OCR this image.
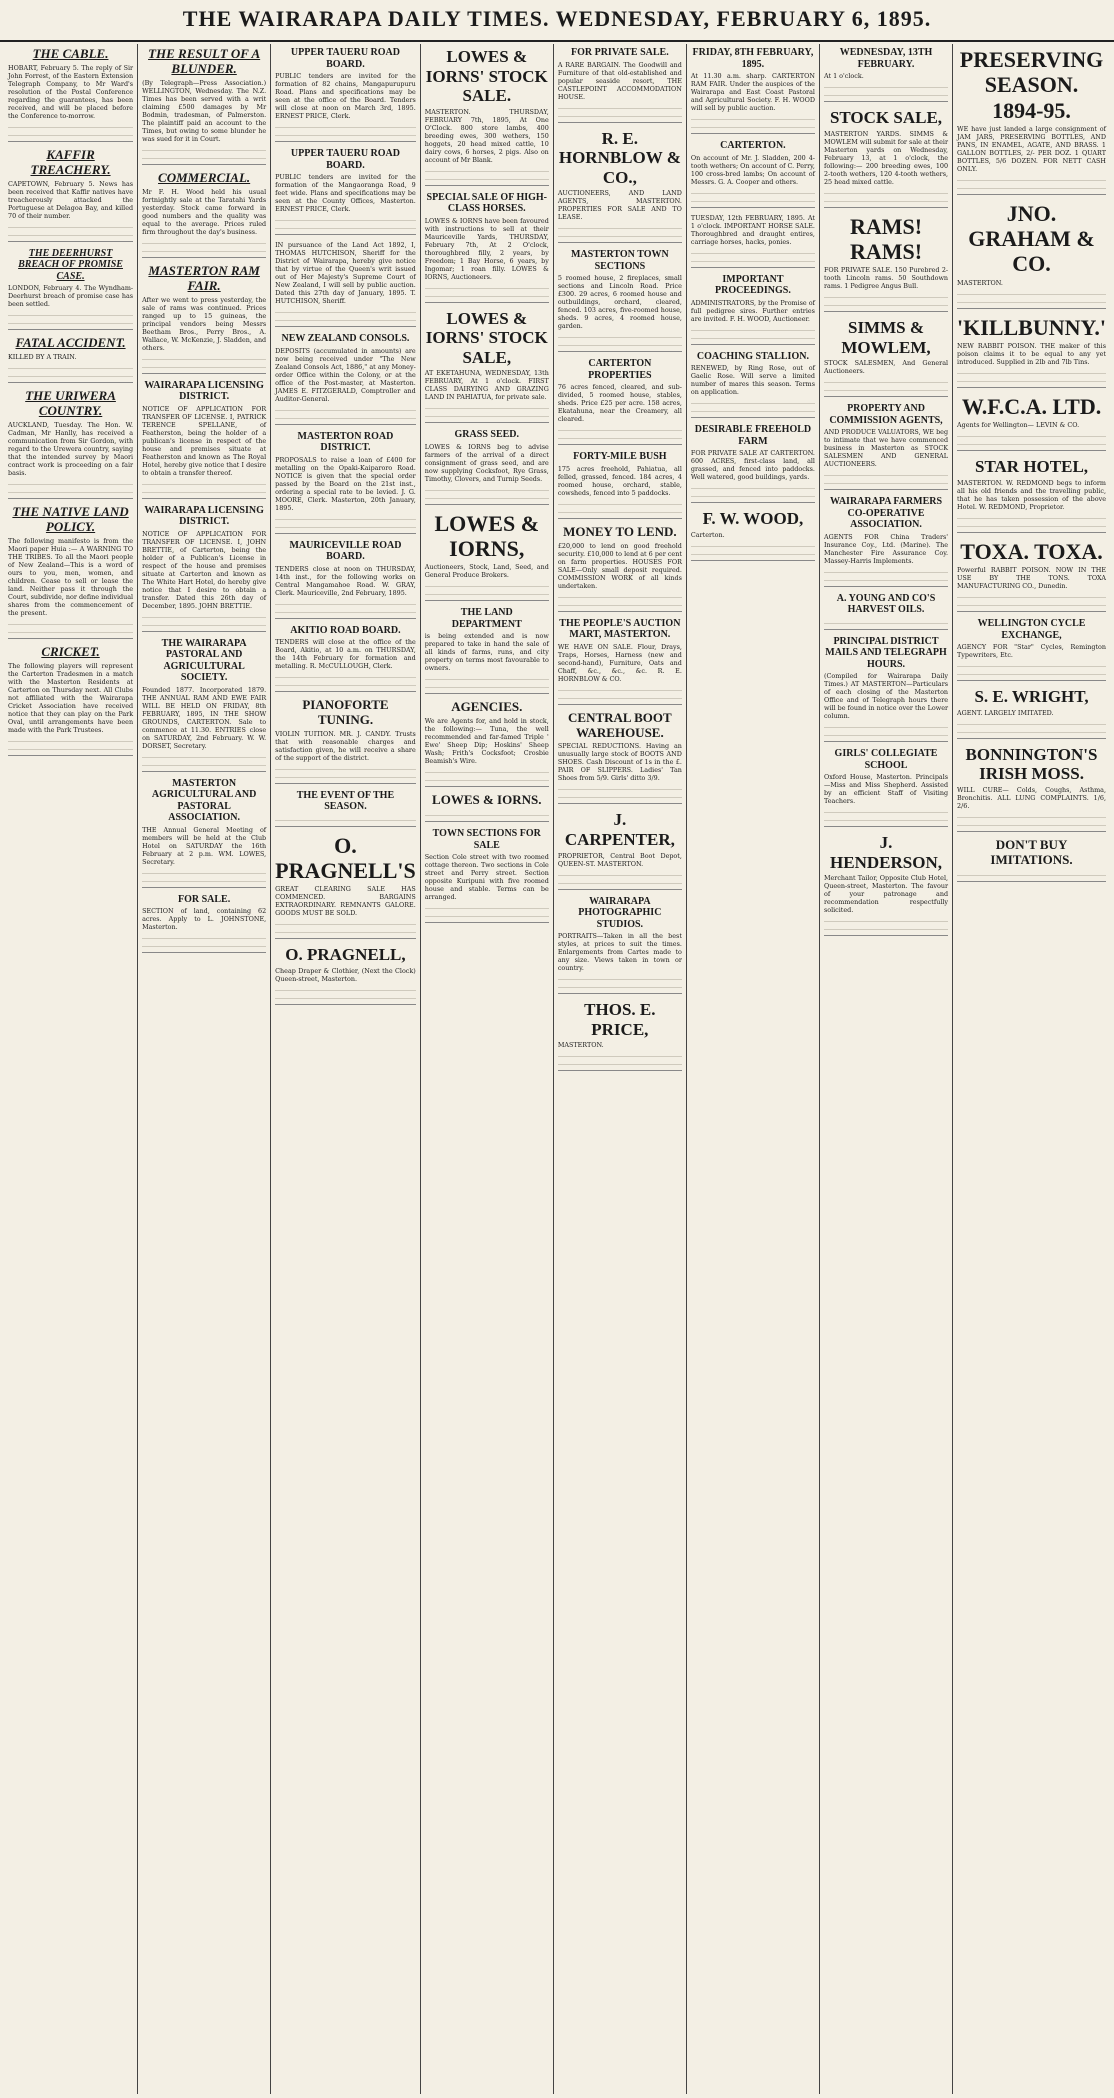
THE WAIRARAPA DAILY TIMES. WEDNESDAY, FEBRUARY 6, 1895.
THE CABLE.
HOBART, February 5. The reply of Sir John Forrest, of the Eastern Extension Telegraph Company, to Mr Ward's resolution of the Postal Conference regarding the guarantees, has been received, and will be placed before the Conference to-morrow.
KAFFIR TREACHERY.
CAPETOWN, February 5. News has been received that Kaffir natives have treacherously attacked the Portuguese at Delagoa Bay, and killed 70 of their number.
THE DEERHURST BREACH OF PROMISE CASE.
LONDON, February 4. The Wyndham-Deerhurst breach of promise case has been settled.
FATAL ACCIDENT.
KILLED BY A TRAIN.
THE URIWERA COUNTRY.
AUCKLAND, Tuesday. The Hon. W. Cadman, Mr Hanlly, has received a communication from Sir Gordon, with regard to the Urewera country, saying that the intended survey by Maori contract work is proceeding on a fair basis.
THE NATIVE LAND POLICY.
The following manifesto is from the Maori paper Huia :— A WARNING TO THE TRIBES. To all the Maori people of New Zealand—This is a word of ours to you, men, women, and children. Cease to sell or lease the land. Neither pass it through the Court, subdivide, nor define individual shares from the commencement of the present.
CRICKET.
The following players will represent the Carterton Tradesmen in a match with the Masterton Residents at Carterton on Thursday next. All Clubs not affiliated with the Wairarapa Cricket Association have received notice that they can play on the Park Oval, until arrangements have been made with the Park Trustees.
THE RESULT OF A BLUNDER.
(By Telegraph—Press Association.) WELLINGTON, Wednesday. The N.Z. Times has been served with a writ claiming £500 damages by Mr Bodmin, tradesman, of Palmerston. The plaintiff paid an account to the Times, but owing to some blunder he was sued for it in Court.
COMMERCIAL.
Mr F. H. Wood held his usual fortnightly sale at the Taratahi Yards yesterday. Stock came forward in good numbers and the quality was equal to the average. Prices ruled firm throughout the day's business.
MASTERTON RAM FAIR.
After we went to press yesterday, the sale of rams was continued. Prices ranged up to 15 guineas, the principal vendors being Messrs Beetham Bros., Perry Bros., A. Wallace, W. McKenzie, J. Sladden, and others.
WAIRARAPA LICENSING DISTRICT.
NOTICE OF APPLICATION FOR TRANSFER OF LICENSE. I, PATRICK TERENCE SPELLANE, of Featherston, being the holder of a publican's license in respect of the house and premises situate at Featherston and known as The Royal Hotel, hereby give notice that I desire to obtain a transfer thereof.
WAIRARAPA LICENSING DISTRICT.
NOTICE OF APPLICATION FOR TRANSFER OF LICENSE. I, JOHN BRETTIE, of Carterton, being the holder of a Publican's License in respect of the house and premises situate at Carterton and known as The White Hart Hotel, do hereby give notice that I desire to obtain a transfer. Dated this 26th day of December, 1895. JOHN BRETTIE.
THE WAIRARAPA PASTORAL AND AGRICULTURAL SOCIETY.
Founded 1877. Incorporated 1879. THE ANNUAL RAM AND EWE FAIR WILL BE HELD ON FRIDAY, 8th FEBRUARY, 1895, IN THE SHOW GROUNDS, CARTERTON. Sale to commence at 11.30. ENTRIES close on SATURDAY, 2nd February. W. W. DORSET, Secretary.
MASTERTON AGRICULTURAL AND PASTORAL ASSOCIATION.
THE Annual General Meeting of members will be held at the Club Hotel on SATURDAY the 16th February at 2 p.m. WM. LOWES, Secretary.
FOR SALE.
SECTION of land, containing 62 acres. Apply to L. JOHNSTONE, Masterton.
UPPER TAUERU ROAD BOARD.
PUBLIC tenders are invited for the formation of 82 chains, Mangapurupuru Road. Plans and specifications may be seen at the office of the Board. Tenders will close at noon on March 3rd, 1895. ERNEST PRICE, Clerk.
UPPER TAUERU ROAD BOARD.
PUBLIC tenders are invited for the formation of the Mangaoranga Road, 9 feet wide. Plans and specifications may be seen at the County Offices, Masterton. ERNEST PRICE, Clerk.
IN pursuance of the Land Act 1892, I, THOMAS HUTCHISON, Sheriff for the District of Wairarapa, hereby give notice that by virtue of the Queen's writ issued out of Her Majesty's Supreme Court of New Zealand, I will sell by public auction. Dated this 27th day of January, 1895. T. HUTCHISON, Sheriff.
NEW ZEALAND CONSOLS.
DEPOSITS (accumulated in amounts) are now being received under "The New Zealand Consols Act, 1886," at any Money-order Office within the Colony, or at the office of the Post-master, at Masterton. JAMES E. FITZGERALD, Comptroller and Auditor-General.
MASTERTON ROAD DISTRICT.
PROPOSALS to raise a loan of £400 for metalling on the Opaki-Kaiparoro Road. NOTICE is given that the special order passed by the Board on the 21st inst., ordering a special rate to be levied. J. G. MOORE, Clerk. Masterton, 20th January, 1895.
MAURICEVILLE ROAD BOARD.
TENDERS close at noon on THURSDAY, 14th inst., for the following works on Central Mangamahoe Road. W. GRAY, Clerk. Mauriceville, 2nd February, 1895.
AKITIO ROAD BOARD.
TENDERS will close at the office of the Board, Akitio, at 10 a.m. on THURSDAY, the 14th February for formation and metalling. R. McCULLOUGH, Clerk.
PIANOFORTE TUNING.
VIOLIN TUITION. MR. J. CANDY. Trusts that with reasonable charges and satisfaction given, he will receive a share of the support of the district.
THE EVENT OF THE SEASON.
O. PRAGNELL'S
GREAT CLEARING SALE HAS COMMENCED. BARGAINS EXTRAORDINARY. REMNANTS GALORE. GOODS MUST BE SOLD.
O. PRAGNELL,
Cheap Draper & Clothier, (Next the Clock) Queen-street, Masterton.
LOWES & IORNS' STOCK SALE.
MASTERTON. THURSDAY, FEBRUARY 7th, 1895, At One O'Clock. 800 store lambs, 400 breeding ewes, 300 wethers, 150 hoggets, 20 head mixed cattle, 10 dairy cows, 6 horses, 2 pigs. Also on account of Mr Blank.
SPECIAL SALE OF HIGH-CLASS HORSES.
LOWES & IORNS have been favoured with instructions to sell at their Mauriceville Yards, THURSDAY, February 7th, At 2 O'clock, thoroughbred filly, 2 years, by Freedom; 1 Bay Horse, 6 years, by Ingomar; 1 roan filly. LOWES & IORNS, Auctioneers.
LOWES & IORNS' STOCK SALE,
AT EKETAHUNA, WEDNESDAY, 13th FEBRUARY, At 1 o'clock. FIRST CLASS DAIRYING AND GRAZING LAND IN PAHIATUA, for private sale.
GRASS SEED.
LOWES & IORNS beg to advise farmers of the arrival of a direct consignment of grass seed, and are now supplying Cocksfoot, Rye Grass, Timothy, Clovers, and Turnip Seeds.
LOWES & IORNS,
Auctioneers, Stock, Land, Seed, and General Produce Brokers.
THE LAND DEPARTMENT
is being extended and is now prepared to take in hand the sale of all kinds of farms, runs, and city property on terms most favourable to owners.
AGENCIES.
We are Agents for, and hold in stock, the following:— Tuna, the well recommended and far-famed Triple ' Ewe' Sheep Dip; Hoskins' Sheep Wash; Frith's Cocksfoot; Crosbie Beamish's Wire.
LOWES & IORNS.
TOWN SECTIONS FOR SALE
Section Cole street with two roomed cottage thereon. Two sections in Cole street and Perry street. Section opposite Kuripuni with five roomed house and stable. Terms can be arranged.
FOR PRIVATE SALE.
A RARE BARGAIN. The Goodwill and Furniture of that old-established and popular seaside resort, THE CASTLEPOINT ACCOMMODATION HOUSE.
R. E. HORNBLOW & CO.,
AUCTIONEERS, AND LAND AGENTS, MASTERTON. PROPERTIES FOR SALE AND TO LEASE.
MASTERTON TOWN SECTIONS
5 roomed house, 2 fireplaces, small sections and Lincoln Road. Price £300. 29 acres, 6 roomed house and outbuildings, orchard, cleared, fenced. 103 acres, five-roomed house, sheds. 9 acres, 4 roomed house, garden.
CARTERTON PROPERTIES
76 acres fenced, cleared, and sub-divided, 5 roomed house, stables, sheds. Price £25 per acre. 158 acres, Ekatahuna, near the Creamery, all cleared.
FORTY-MILE BUSH
175 acres freehold, Pahiatua, all felled, grassed, fenced. 184 acres, 4 roomed house, orchard, stable, cowsheds, fenced into 5 paddocks.
MONEY TO LEND.
£20,000 to lend on good freehold security. £10,000 to lend at 6 per cent on farm properties. HOUSES FOR SALE—Only small deposit required. COMMISSION WORK of all kinds undertaken.
THE PEOPLE'S AUCTION MART, MASTERTON.
WE HAVE ON SALE. Flour, Drays, Traps, Horses, Harness (new and second-hand), Furniture, Oats and Chaff, &c., &c., &c. R. E. HORNBLOW & CO.
CENTRAL BOOT WAREHOUSE.
SPECIAL REDUCTIONS. Having an unusually large stock of BOOTS AND SHOES. Cash Discount of 1s in the £. PAIR OF SLIPPERS. Ladies' Tan Shoes from 5/9. Girls' ditto 3/9.
J. CARPENTER,
PROPRIETOR, Central Boot Depot, QUEEN-ST. MASTERTON.
WAIRARAPA PHOTOGRAPHIC STUDIOS.
PORTRAITS—Taken in all the best styles, at prices to suit the times. Enlargements from Cartes made to any size. Views taken in town or country.
THOS. E. PRICE,
MASTERTON.
FRIDAY, 8TH FEBRUARY, 1895.
At 11.30 a.m. sharp. CARTERTON RAM FAIR. Under the auspices of the Wairarapa and East Coast Pastoral and Agricultural Society. F. H. WOOD will sell by public auction.
CARTERTON.
On account of Mr. J. Sladden, 200 4-tooth wethers; On account of C. Perry, 100 cross-bred lambs; On account of Messrs. G. A. Cooper and others.
TUESDAY, 12th FEBRUARY, 1895. At 1 o'clock. IMPORTANT HORSE SALE. Thoroughbred and draught entires, carriage horses, hacks, ponies.
IMPORTANT PROCEEDINGS.
ADMINISTRATORS, by the Promise of full pedigree sires. Further entries are invited. F. H. WOOD, Auctioneer.
COACHING STALLION.
RENEWED, by Ring Rose, out of Gaelic Rose. Will serve a limited number of mares this season. Terms on application.
DESIRABLE FREEHOLD FARM
FOR PRIVATE SALE AT CARTERTON. 600 ACRES, first-class land, all grassed, and fenced into paddocks. Well watered, good buildings, yards.
F. W. WOOD,
Carterton.
WEDNESDAY, 13TH FEBRUARY.
At 1 o'clock.
STOCK SALE,
MASTERTON YARDS. SIMMS & MOWLEM will submit for sale at their Masterton yards on Wednesday, February 13, at 1 o'clock, the following:— 200 breeding ewes, 100 2-tooth wethers, 120 4-tooth wethers, 25 head mixed cattle.
RAMS! RAMS!
FOR PRIVATE SALE. 150 Purebred 2-tooth Lincoln rams. 50 Southdown rams. 1 Pedigree Angus Bull.
SIMMS & MOWLEM,
STOCK SALESMEN, And General Auctioneers.
PROPERTY AND COMMISSION AGENTS,
AND PRODUCE VALUATORS, WE beg to intimate that we have commenced business in Masterton as STOCK SALESMEN AND GENERAL AUCTIONEERS.
WAIRARAPA FARMERS CO-OPERATIVE ASSOCIATION.
AGENTS FOR China Traders' Insurance Coy., Ltd. (Marine). The Manchester Fire Assurance Coy. Massey-Harris Implements.
A. YOUNG AND CO'S HARVEST OILS.
PRINCIPAL DISTRICT MAILS AND TELEGRAPH HOURS.
(Compiled for Wairarapa Daily Times.) AT MASTERTON—Particulars of each closing of the Masterton Office and of Telegraph hours there will be found in notice over the Lower column.
GIRLS' COLLEGIATE SCHOOL
Oxford House, Masterton. Principals—Miss and Miss Shepherd. Assisted by an efficient Staff of Visiting Teachers.
J. HENDERSON,
Merchant Tailor, Opposite Club Hotel, Queen-street, Masterton. The favour of your patronage and recommendation respectfully solicited.
PRESERVING SEASON. 1894-95.
WE have just landed a large consignment of JAM JARS, PRESERVING BOTTLES, AND PANS, IN ENAMEL, AGATE, AND BRASS. 1 GALLON BOTTLES, 2/- PER DOZ. 1 QUART BOTTLES, 5/6 DOZEN. FOR NETT CASH ONLY.
JNO. GRAHAM & CO.
MASTERTON.
'KILLBUNNY.'
NEW RABBIT POISON. THE maker of this poison claims it to be equal to any yet introduced. Supplied in 2lb and 7lb Tins.
W.F.C.A. LTD.
Agents for Wellington— LEVIN & CO.
STAR HOTEL,
MASTERTON. W. REDMOND begs to inform all his old friends and the travelling public, that he has taken possession of the above Hotel. W. REDMOND, Proprietor.
TOXA. TOXA.
Powerful RABBIT POISON. NOW IN THE USE BY THE TONS. TOXA MANUFACTURING CO., Dunedin.
WELLINGTON CYCLE EXCHANGE,
AGENCY FOR "Star" Cycles, Remington Typewriters, Etc.
S. E. WRIGHT,
AGENT. LARGELY IMITATED.
BONNINGTON'S IRISH MOSS.
WILL CURE— Colds, Coughs, Asthma, Bronchitis. ALL LUNG COMPLAINTS. 1/6, 2/6.
DON'T BUY IMITATIONS.
